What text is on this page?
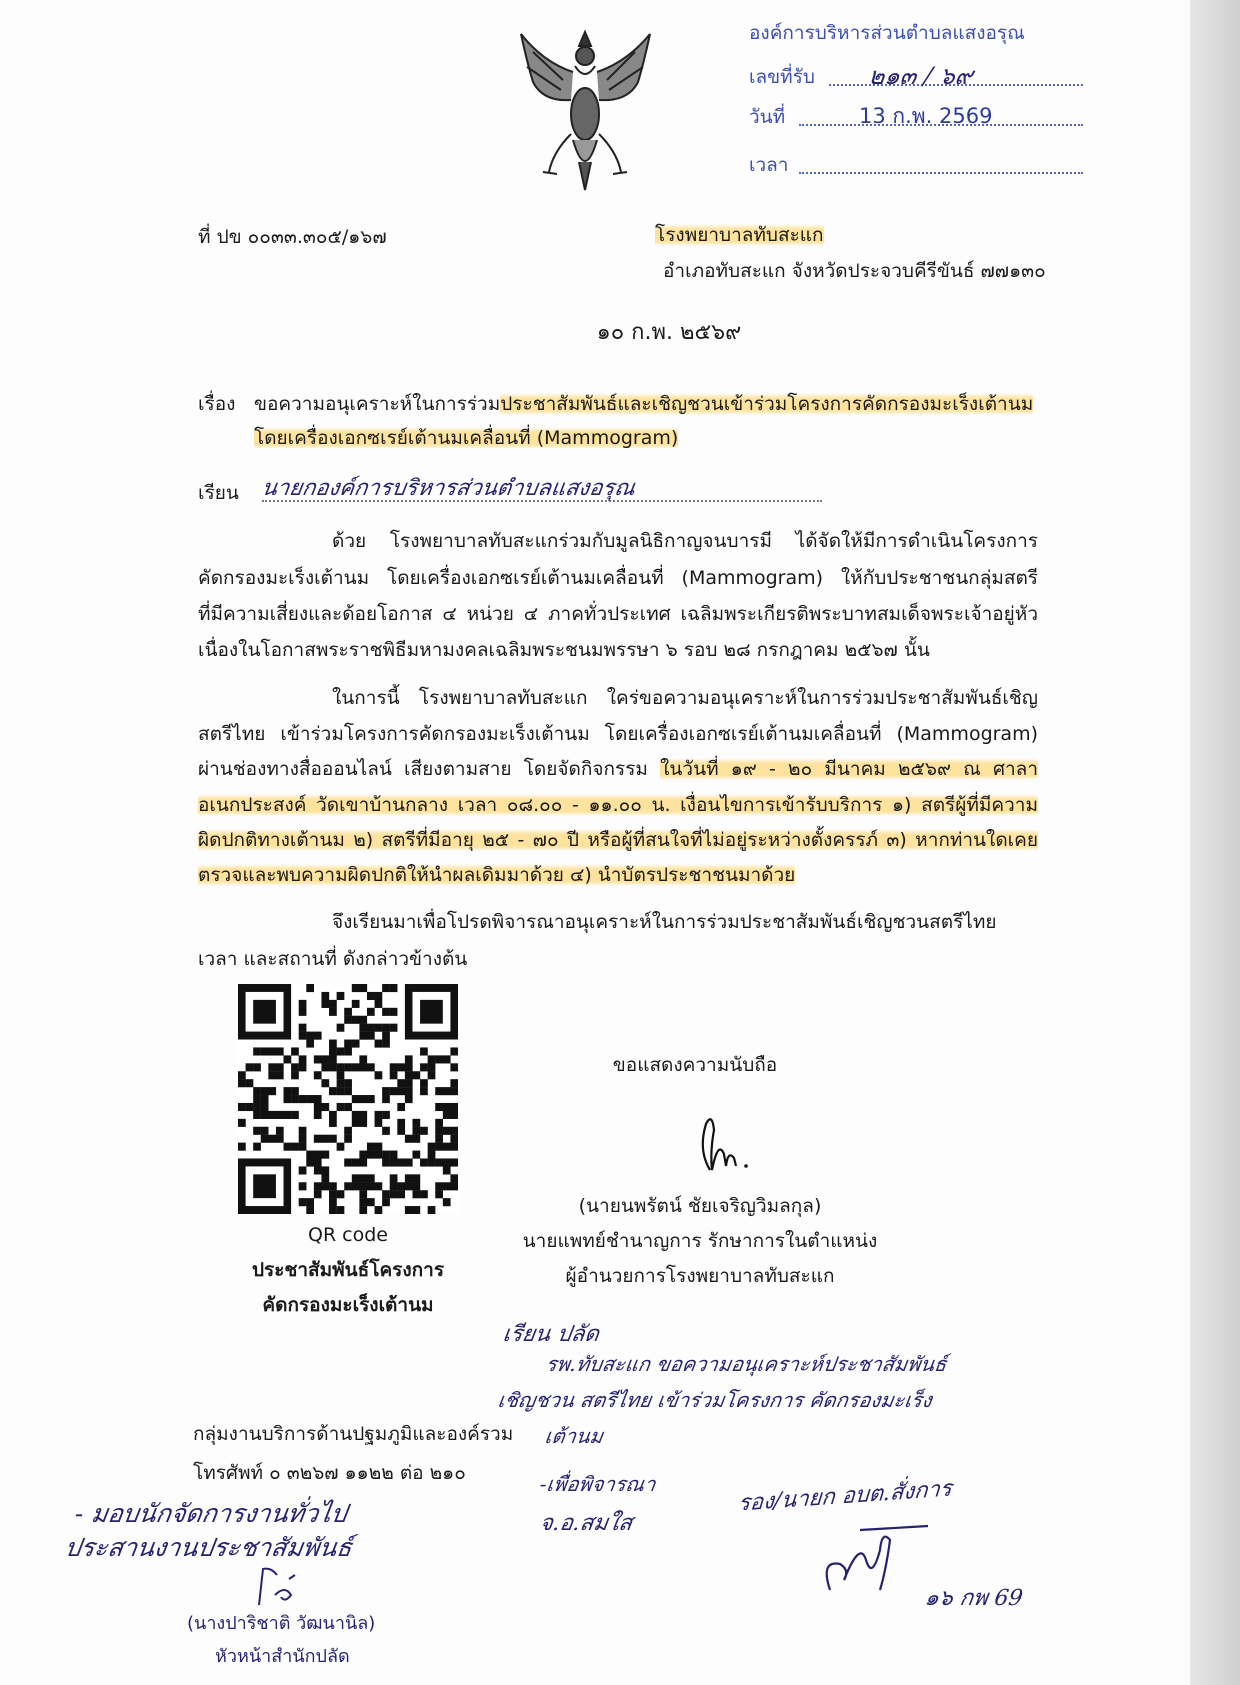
องค์การบริหารส่วนตำบลแสงอรุณ
เลขที่รับ ๒๑๓ / ๖๙
วันที่	13 ก.พ. 2569
เวลา
ที่ ปข ๐๐๓๓.๓๐๕/๑๖๗	โรงพยาบาลทับสะแก
อำเภอทับสะแก จังหวัดประจวบคีรีขันธ์ ๗๗๑๓๐
๑๐ ก.พ. ๒๕๖๙
เรื่อง ขอความอนุเคราะห์ในการร่วมประชาสัมพันธ์และเชิญชวนเข้าร่วมโครงการคัดกรองมะเร็งเต้านม
โดยเครื่องเอกซเรย์เต้านมเคลื่อนที่ (Mammogram)
เรียน นายกองค์การบริหารส่วนตำบลแสงอรุณ
ด้วย โรงพยาบาลทับสะแกร่วมกับมูลนิธิกาญจนบารมี ได้จัดให้มีการดำเนินโครงการ
คัดกรองมะเร็งเต้านม โดยเครื่องเอกซเรย์เต้านมเคลื่อนที่ (Mammogram) ให้กับประชาชนกลุ่มสตรี
ที่มีความเสี่ยงและด้อยโอกาส ๔ หน่วย ๔ ภาคทั่วประเทศ เฉลิมพระเกียรติพระบาทสมเด็จพระเจ้าอยู่หัว
เนื่องในโอกาสพระราชพิธีมหามงคลเฉลิมพระชนมพรรษา ๖ รอบ ๒๘ กรกฎาคม ๒๕๖๗ นั้น
ในการนี้ โรงพยาบาลทับสะแก ใคร่ขอความอนุเคราะห์ในการร่วมประชาสัมพันธ์เชิญ
สตรีไทย เข้าร่วมโครงการคัดกรองมะเร็งเต้านม โดยเครื่องเอกซเรย์เต้านมเคลื่อนที่ (Mammogram)
ผ่านช่องทางสื่อออนไลน์ เสียงตามสาย โดยจัดกิจกรรม ในวันที่ ๑๙ - ๒๐ มีนาคม ๒๕๖๙ ณ ศาลา
อเนกประสงค์ วัดเขาบ้านกลาง เวลา ๐๘.๐๐ - ๑๑.๐๐ น. เงื่อนไขการเข้ารับบริการ ๑) สตรีผู้ที่มีความ
ผิดปกติทางเต้านม ๒) สตรีที่มีอายุ ๒๕ - ๗๐ ปี หรือผู้ที่สนใจที่ไม่อยู่ระหว่างตั้งครรภ์ ๓) หากท่านใดเคย
ตรวจและพบความผิดปกติให้นำผลเดิมมาด้วย ๔) นำบัตรประชาชนมาด้วย
จึงเรียนมาเพื่อโปรดพิจารณาอนุเคราะห์ในการร่วมประชาสัมพันธ์เชิญชวนสตรีไทย
เวลา และสถานที่ ดังกล่าวข้างต้น
QR code
ประชาสัมพันธ์โครงการ
คัดกรองมะเร็งเต้านม
ขอแสดงความนับถือ
(นายนพรัตน์ ชัยเจริญวิมลกุล)
นายแพทย์ชำนาญการ รักษาการในตำแหน่ง
ผู้อำนวยการโรงพยาบาลทับสะแก
เรียน ปลัด
รพ.ทับสะแก ขอความอนุเคราะห์ประชาสัมพันธ์
เชิญชวน สตรีไทย เข้าร่วมโครงการ คัดกรองมะเร็ง
เต้านม
กลุ่มงานบริการด้านปฐมภูมิและองค์รวม
โทรศัพท์ ๐ ๓๒๖๗ ๑๑๒๒ ต่อ ๒๑๐
- มอบนักจัดการงานทั่วไป
ประสานงานประชาสัมพันธ์
(นางปาริชาติ วัฒนานิล)
หัวหน้าสำนักปลัด
-เพื่อพิจารณา
จ.อ.สมใส
รอง/นายก อบต.สั่งการ
๑๖ กพ 69
